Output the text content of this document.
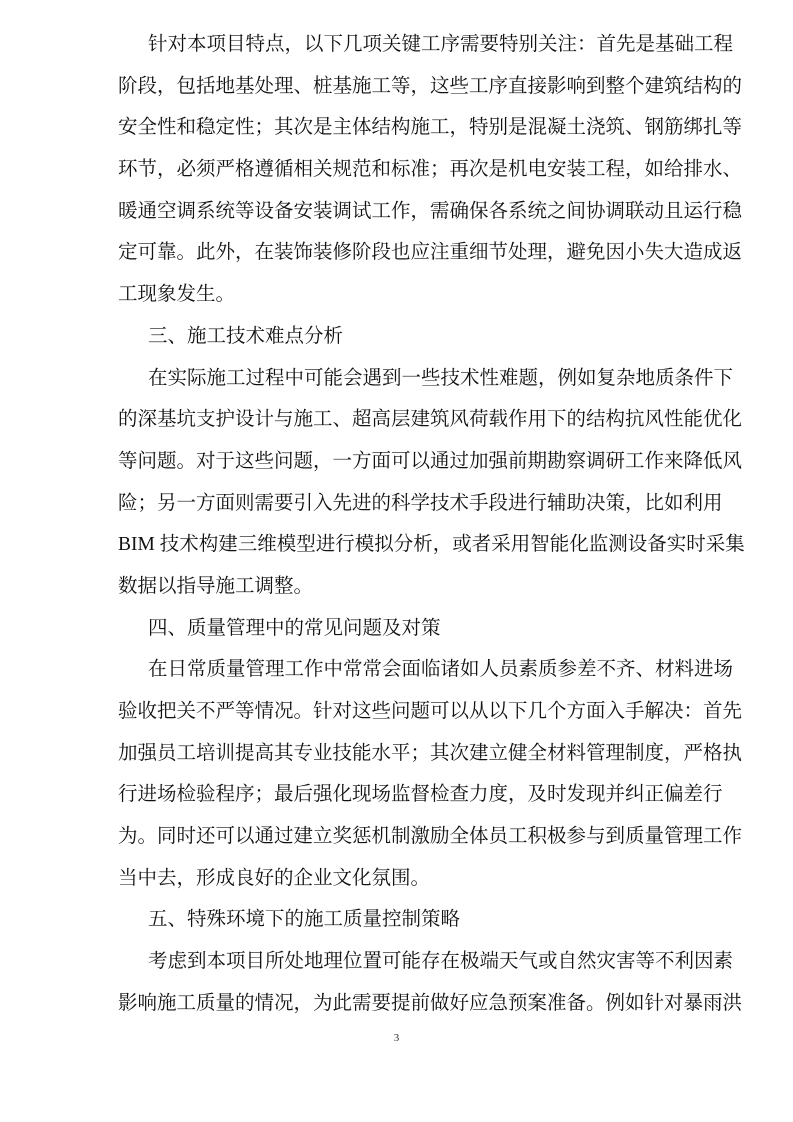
针对本项目特点，以下几项关键工序需要特别关注：首先是基础工程
阶段，包括地基处理、桩基施工等，这些工序直接影响到整个建筑结构的
安全性和稳定性；其次是主体结构施工，特别是混凝土浇筑、钢筋绑扎等
环节，必须严格遵循相关规范和标准；再次是机电安装工程，如给排水、
暖通空调系统等设备安装调试工作，需确保各系统之间协调联动且运行稳
定可靠。此外，在装饰装修阶段也应注重细节处理，避免因小失大造成返
工现象发生。
三、施工技术难点分析
在实际施工过程中可能会遇到一些技术性难题，例如复杂地质条件下
的深基坑支护设计与施工、超高层建筑风荷载作用下的结构抗风性能优化
等问题。对于这些问题，一方面可以通过加强前期勘察调研工作来降低风
险；另一方面则需要引入先进的科学技术手段进行辅助决策，比如利用
BIM 技术构建三维模型进行模拟分析，或者采用智能化监测设备实时采集
数据以指导施工调整。
四、质量管理中的常见问题及对策
在日常质量管理工作中常常会面临诸如人员素质参差不齐、材料进场
验收把关不严等情况。针对这些问题可以从以下几个方面入手解决：首先
加强员工培训提高其专业技能水平；其次建立健全材料管理制度，严格执
行进场检验程序；最后强化现场监督检查力度，及时发现并纠正偏差行
为。同时还可以通过建立奖惩机制激励全体员工积极参与到质量管理工作
当中去，形成良好的企业文化氛围。
五、特殊环境下的施工质量控制策略
考虑到本项目所处地理位置可能存在极端天气或自然灾害等不利因素
影响施工质量的情况，为此需要提前做好应急预案准备。例如针对暴雨洪
3
